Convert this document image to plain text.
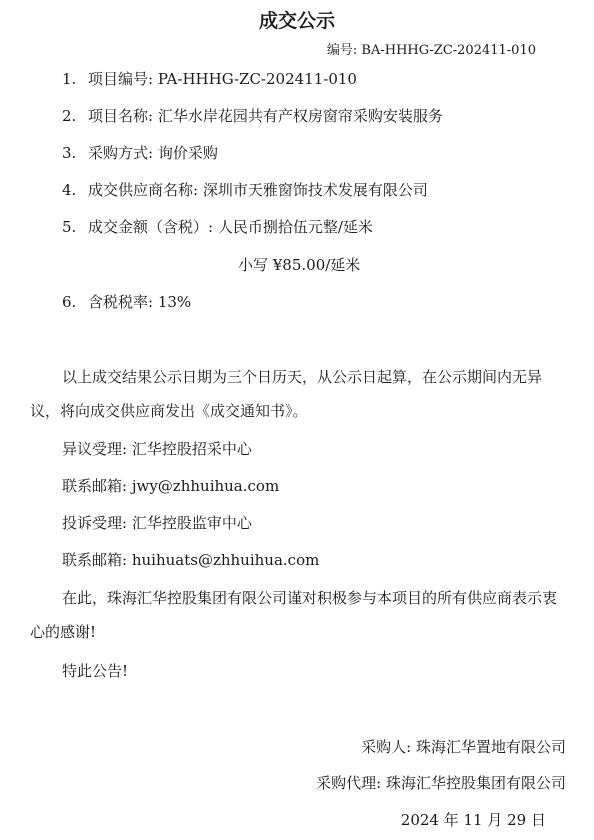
成交公示
编号: BA-HHHG-ZC-202411-010
1. 项目编号: PA-HHHG-ZC-202411-010
2. 项目名称: 汇华水岸花园共有产权房窗帘采购安装服务
3. 采购方式: 询价采购
4. 成交供应商名称: 深圳市天雅窗饰技术发展有限公司
5. 成交金额（含税）: 人民币捌拾伍元整/延米
小写 ¥85.00/延米
6. 含税税率: 13%
以上成交结果公示日期为三个日历天，从公示日起算，在公示期间内无异议，将向成交供应商发出《成交通知书》。
异议受理: 汇华控股招采中心
联系邮箱: jwy@zhhuihua.com
投诉受理: 汇华控股监审中心
联系邮箱: huihuats@zhhuihua.com
在此，珠海汇华控股集团有限公司谨对积极参与本项目的所有供应商表示衷心的感谢!
特此公告!
采购人: 珠海汇华置地有限公司
采购代理: 珠海汇华控股集团有限公司
2024 年 11 月 29 日
